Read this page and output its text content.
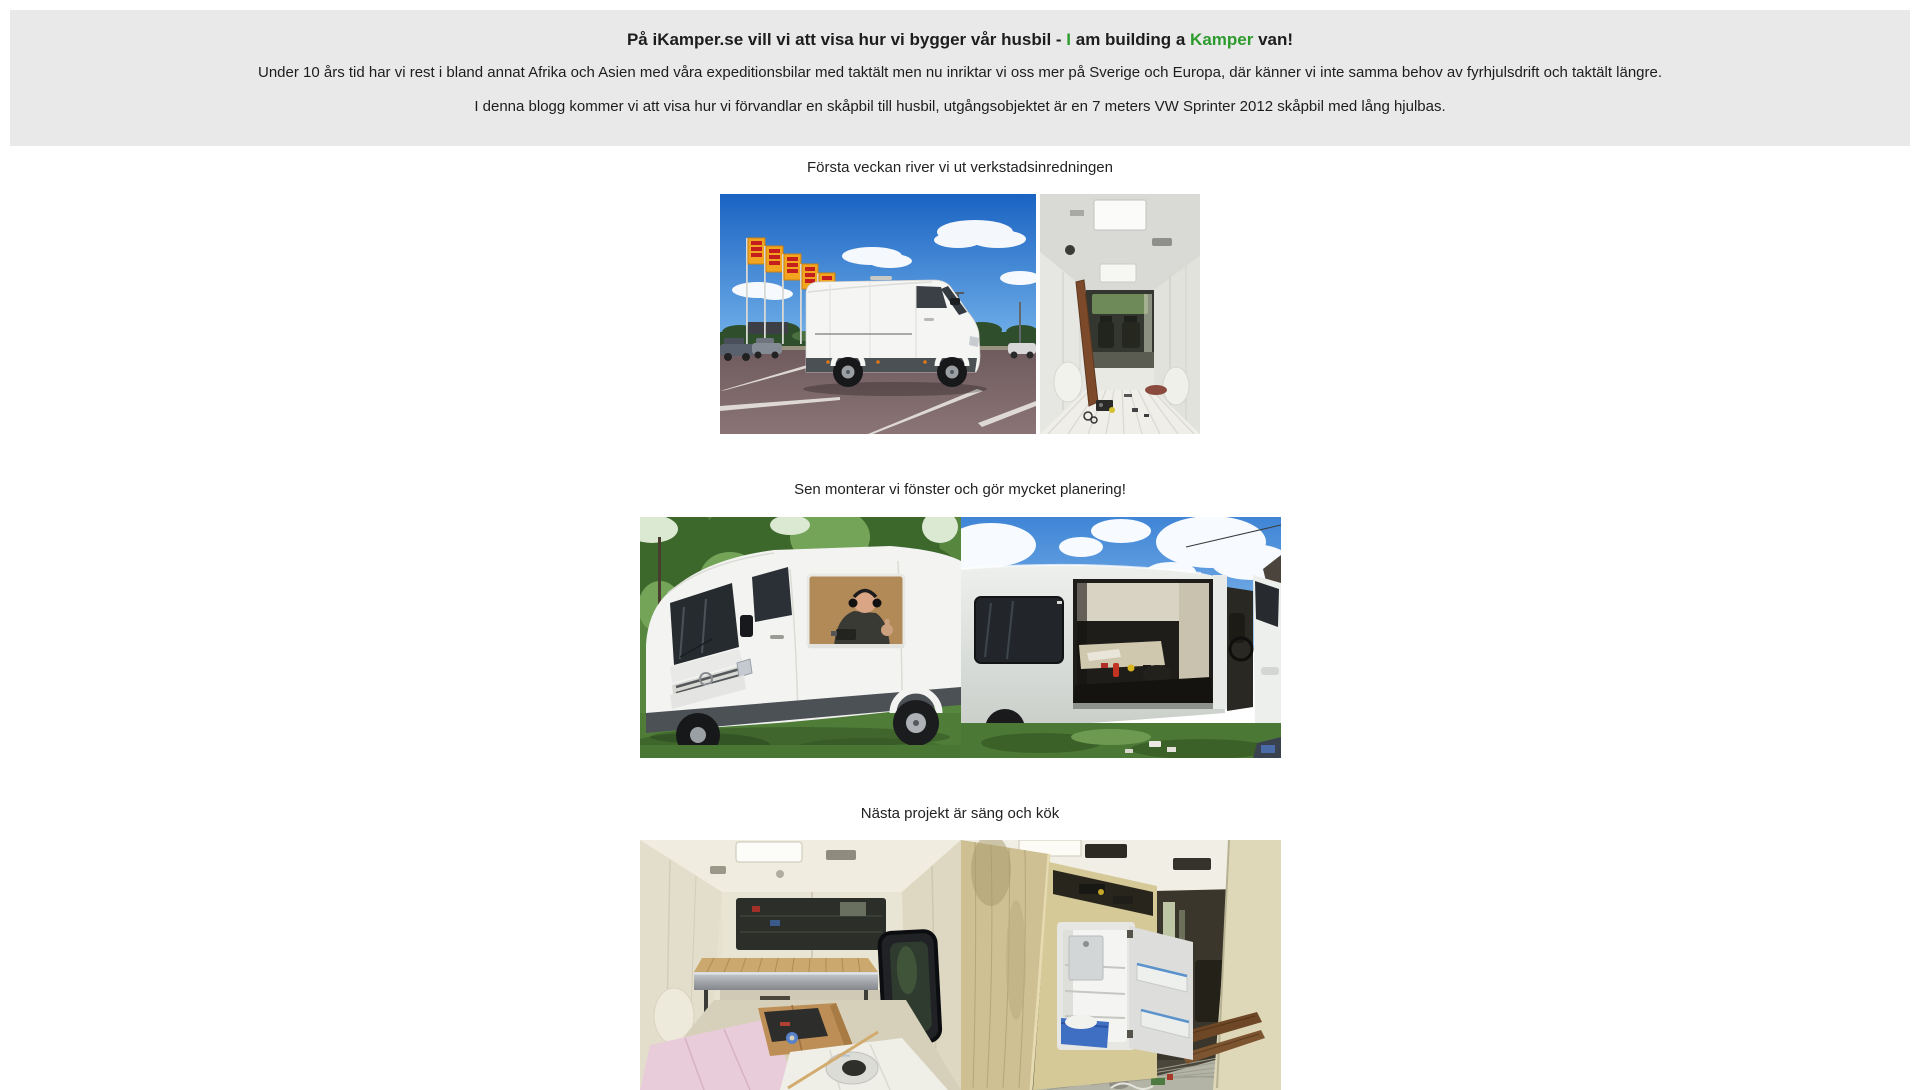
På iKamper.se vill vi att visa hur vi bygger vår husbil - I am building a Kamper van!

Under 10 års tid har vi rest i bland annat Afrika och Asien med våra expeditionsbilar med taktält men nu inriktar vi oss mer på Sverige och Europa, där känner vi inte samma behov av fyrhjulsdrift och taktält längre.

I denna blogg kommer vi att visa hur vi förvandlar en skåpbil till husbil, utgångsobjektet är en 7 meters VW Sprinter 2012 skåpbil med lång hjulbas.

Första veckan river vi ut verkstadsinredningen

Sen monterar vi fönster och gör mycket planering!

Nästa projekt är säng och kök
